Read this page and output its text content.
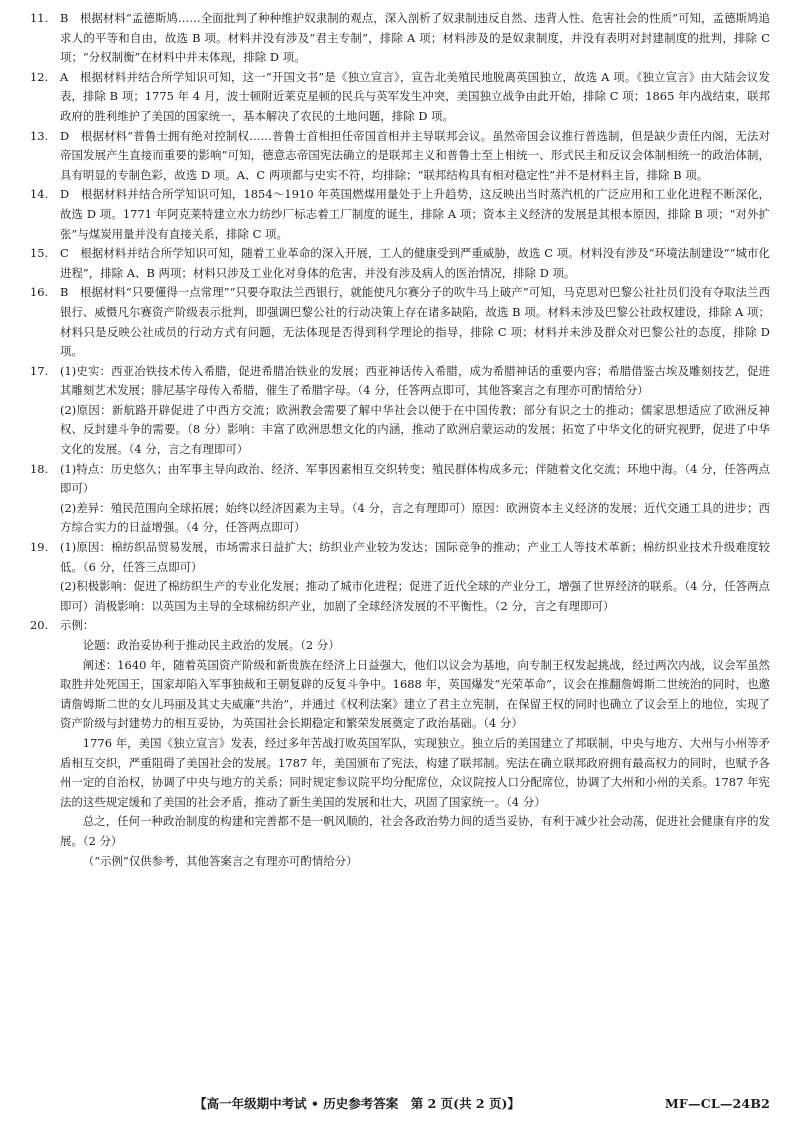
11.	B　根据材料“孟德斯鸠……全面批判了种种维护奴隶制的观点，深入剖析了奴隶制违反自然、违背人性、危害社会的性质”可知，孟德斯鸠追求人的平等和自由，故选 B 项。材料并没有涉及“君主专制”，排除 A 项；材料涉及的是奴隶制度，并没有表明对封建制度的批判，排除 C 项；“分权制衡”在材料中并未体现，排除 D 项。

12.	A　根据材料并结合所学知识可知，这一“开国文书”是《独立宣言》，宣告北美殖民地脱离英国独立，故选 A 项。《独立宣言》由大陆会议发表，排除 B 项；1775 年 4 月，波士顿附近莱克星顿的民兵与英军发生冲突，美国独立战争由此开始，排除 C 项；1865 年内战结束，联邦政府的胜利维护了美国的国家统一，基本解决了农民的土地问题，排除 D 项。

13.	D　根据材料“普鲁士拥有绝对控制权……普鲁士首相担任帝国首相并主导联邦会议。虽然帝国会议推行普选制，但是缺少责任内阁，无法对帝国发展产生直接而重要的影响”可知，德意志帝国宪法确立的是联邦主义和普鲁士至上相统一、形式民主和反议会体制相统一的政治体制，具有明显的专制色彩，故选 D 项。A、C 两项都与史实不符，均排除；“联邦结构具有相对稳定性”并不是材料主旨，排除 B 项。

14.	D　根据材料并结合所学知识可知，1854～1910 年英国燃煤用量处于上升趋势，这反映出当时蒸汽机的广泛应用和工业化进程不断深化，故选 D 项。1771 年阿克莱特建立水力纺纱厂标志着工厂制度的诞生，排除 A 项；资本主义经济的发展是其根本原因，排除 B 项；“对外扩张”与煤炭用量并没有直接关系，排除 C 项。

15.	C　根据材料并结合所学知识可知，随着工业革命的深入开展，工人的健康受到严重威胁，故选 C 项。材料没有涉及“环境法制建设”“城市化进程”，排除 A、B 两项；材料只涉及工业化对身体的危害，并没有涉及病人的医治情况，排除 D 项。

16.	B　根据材料“只要懂得一点常理”“只要夺取法兰西银行，就能使凡尔赛分子的吹牛马上破产”可知，马克思对巴黎公社社员们没有夺取法兰西银行、威慑凡尔赛资产阶级表示批判，即强调巴黎公社的行动决策上存在诸多缺陷，故选 B 项。材料未涉及巴黎公社政权建设，排除 A 项；材料只是反映公社成员的行动方式有问题，无法体现是否得到科学理论的指导，排除 C 项；材料并未涉及群众对巴黎公社的态度，排除 D 项。

17.	(1)史实：西亚冶铁技术传入希腊，促进希腊冶铁业的发展；西亚神话传入希腊，成为希腊神话的重要内容；希腊借鉴古埃及雕刻技艺，促进其雕刻艺术发展；腓尼基字母传入希腊，催生了希腊字母。（4 分，任答两点即可，其他答案言之有理亦可酌情给分）

(2)原因：新航路开辟促进了中西方交流；欧洲教会需要了解中华社会以便于在中国传教；部分有识之士的推动；儒家思想适应了欧洲反神权、反封建斗争的需要。（8 分）影响：丰富了欧洲思想文化的内涵，推动了欧洲启蒙运动的发展；拓宽了中华文化的研究视野，促进了中华文化的发展。（4 分，言之有理即可）

18.	(1)特点：历史悠久；由军事主导向政治、经济、军事因素相互交织转变；殖民群体构成多元；伴随着文化交流；环地中海。（4 分，任答两点即可）

(2)差异：殖民范围向全球拓展；始终以经济因素为主导。（4 分，言之有理即可）原因：欧洲资本主义经济的发展；近代交通工具的进步；西方综合实力的日益增强。（4 分，任答两点即可）

19.	(1)原因：棉纺织品贸易发展，市场需求日益扩大；纺织业产业较为发达；国际竞争的推动；产业工人等技术革新；棉纺织业技术升级难度较低。（6 分，任答三点即可）

(2)积极影响：促进了棉纺织生产的专业化发展；推动了城市化进程；促进了近代全球的产业分工，增强了世界经济的联系。（4 分，任答两点即可）消极影响：以英国为主导的全球棉纺织产业，加剧了全球经济发展的不平衡性。（2 分，言之有理即可）

20.	示例：

论题：政治妥协利于推动民主政治的发展。（2 分）

阐述：1640 年，随着英国资产阶级和新贵族在经济上日益强大，他们以议会为基地，向专制王权发起挑战，经过两次内战，议会军虽然取胜并处死国王，国家却陷入军事独裁和王朝复辟的反复斗争中。1688 年，英国爆发“光荣革命”，议会在推翻詹姆斯二世统治的同时，也邀请詹姆斯二世的女儿玛丽及其丈夫威廉“共治”，并通过《权利法案》建立了君主立宪制，在保留王权的同时也确立了议会至上的地位，实现了资产阶级与封建势力的相互妥协，为英国社会长期稳定和繁荣发展奠定了政治基础。（4 分）

1776 年，美国《独立宣言》发表，经过多年苦战打败英国军队，实现独立。独立后的美国建立了邦联制，中央与地方、大州与小州等矛盾相互交织，严重阻碍了美国社会的发展。1787 年，美国颁布了宪法，构建了联邦制。宪法在确立联邦政府拥有最高权力的同时，也赋予各州一定的自治权，协调了中央与地方的关系；同时规定参议院平均分配席位，众议院按人口分配席位，协调了大州和小州的关系。1787 年宪法的这些规定缓和了美国的社会矛盾，推动了新生美国的发展和壮大，巩固了国家统一。（4 分）

总之，任何一种政治制度的构建和完善都不是一帆风顺的，社会各政治势力间的适当妥协，有利于减少社会动荡，促进社会健康有序的发展。（2 分）

（“示例”仅供参考，其他答案言之有理亦可酌情给分）

【高一年级期中考试 • 历史参考答案　第 2 页(共 2 页)】	MF—CL—24B2
